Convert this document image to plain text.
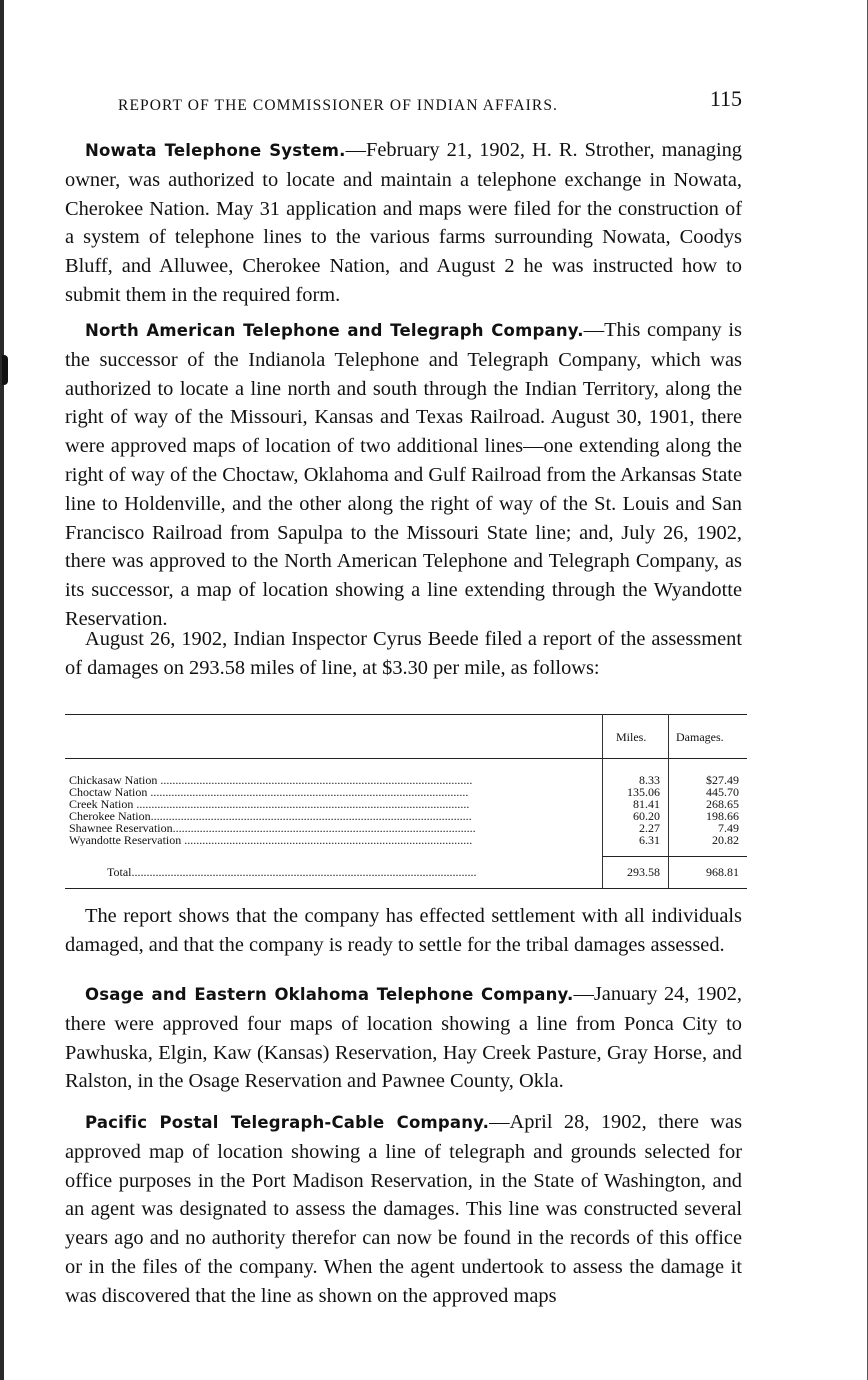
REPORT OF THE COMMISSIONER OF INDIAN AFFAIRS.	115

Nowata Telephone System.—February 21, 1902, H. R. Strother, managing owner, was authorized to locate and maintain a telephone exchange in Nowata, Cherokee Nation. May 31 application and maps were filed for the construction of a system of telephone lines to the various farms surrounding Nowata, Coodys Bluff, and Alluwee, Cherokee Nation, and August 2 he was instructed how to submit them in the required form.

North American Telephone and Telegraph Company.—This company is the successor of the Indianola Telephone and Telegraph Company, which was authorized to locate a line north and south through the Indian Territory, along the right of way of the Missouri, Kansas and Texas Railroad. August 30, 1901, there were approved maps of location of two additional lines—one extending along the right of way of the Choctaw, Oklahoma and Gulf Railroad from the Arkansas State line to Holdenville, and the other along the right of way of the St. Louis and San Francisco Railroad from Sapulpa to the Missouri State line; and, July 26, 1902, there was approved to the North American Telephone and Telegraph Company, as its successor, a map of location showing a line extending through the Wyandotte Reservation.

August 26, 1902, Indian Inspector Cyrus Beede filed a report of the assessment of damages on 293.58 miles of line, at $3.30 per mile, as follows:

Miles. Damages.
Chickasaw Nation ........................................................................................................	8.33	$27.49
Choctaw Nation ..........................................................................................................	135.06	445.70
Creek Nation ...............................................................................................................	81.41	268.65
Cherokee Nation...........................................................................................................	60.20	198.66
Shawnee Reservation.....................................................................................................	2.27	7.49
Wyandotte Reservation ................................................................................................	6.31	20.82
Total...................................................................................................................	293.58	968.81

The report shows that the company has effected settlement with all individuals damaged, and that the company is ready to settle for the tribal damages assessed.

Osage and Eastern Oklahoma Telephone Company.—January 24, 1902, there were approved four maps of location showing a line from Ponca City to Pawhuska, Elgin, Kaw (Kansas) Reservation, Hay Creek Pasture, Gray Horse, and Ralston, in the Osage Reservation and Pawnee County, Okla.

Pacific Postal Telegraph-Cable Company.—April 28, 1902, there was approved map of location showing a line of telegraph and grounds selected for office purposes in the Port Madison Reservation, in the State of Washington, and an agent was designated to assess the damages. This line was constructed several years ago and no authority therefor can now be found in the records of this office or in the files of the company. When the agent undertook to assess the damage it was discovered that the line as shown on the approved maps
